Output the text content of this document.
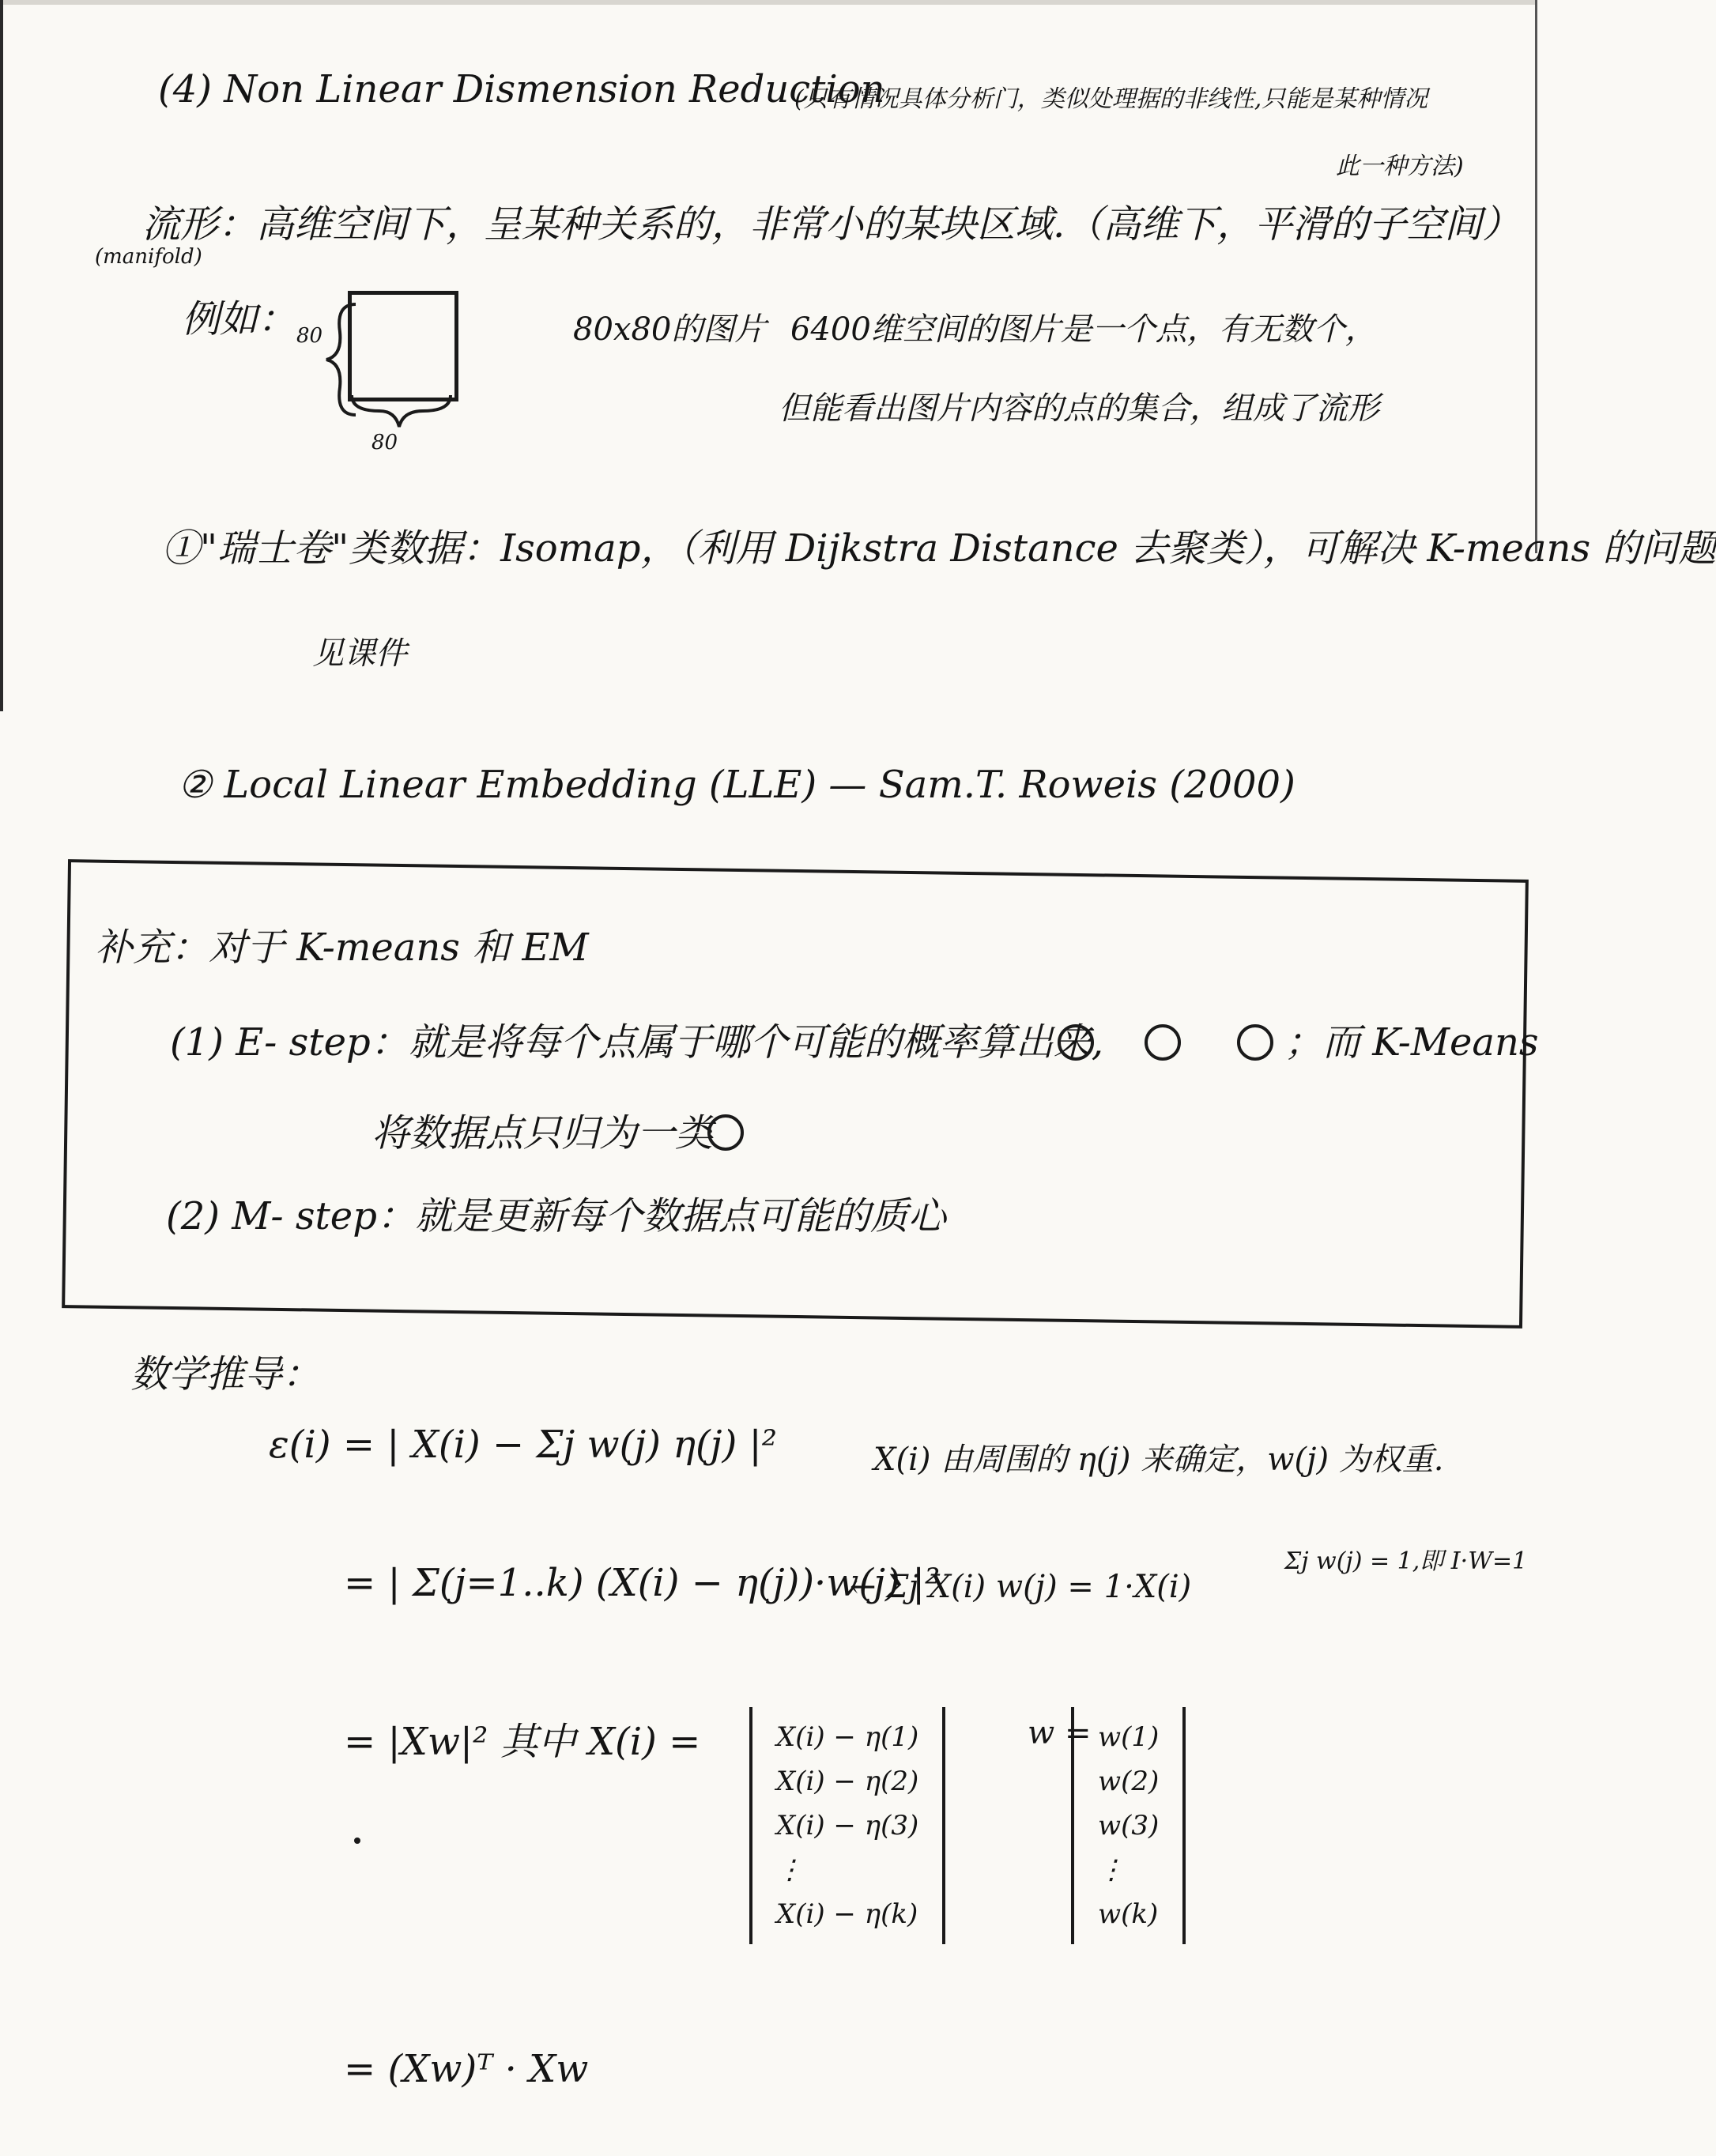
(4) Non Linear Dismension Reduction
(只有情况具体分析门，类似处理据的非线性,只能是某种情况
此一种方法)
流形：高维空间下，呈某种关系的，非常小的某块区域.（高维下，平滑的子空间）
(manifold)
例如： 80
80
80x80的图片 6400维空间的图片是一个点，有无数个，
但能看出图片内容的点的集合，组成了流形
①"瑞士卷"类数据：Isomap，（利用 Dijkstra Distance 去聚类），可解决 K-means 的问题
见课件
② Local Linear Embedding (LLE) — Sam.T. Roweis (2000)
补充：对于 K-means 和 EM
(1) E- step：就是将每个点属于哪个可能的概率算出来,	；而 K-Means
将数据点只归为一类
(2) M- step：就是更新每个数据点可能的质心
数学推导：
ε(i) = | X(i) − Σj w(j) η(j) |²	X(i) 由周围的 η(j) 来确定，w(j) 为权重.
Σj w(j) = 1,即 I·W=1
= | Σ(j=1..k) (X(i) − η(j))·w(j) |²
← Σj X(i) w(j) = 1·X(i)
= |Xw|² 其中 X(i) =	X(i) − η(1)
X(i) − η(2)
X(i) − η(3)
⋮
X(i) − η(k)
w = w(1)
w(2)
w(3)
⋮
w(k)
= (Xw)ᵀ · Xw
